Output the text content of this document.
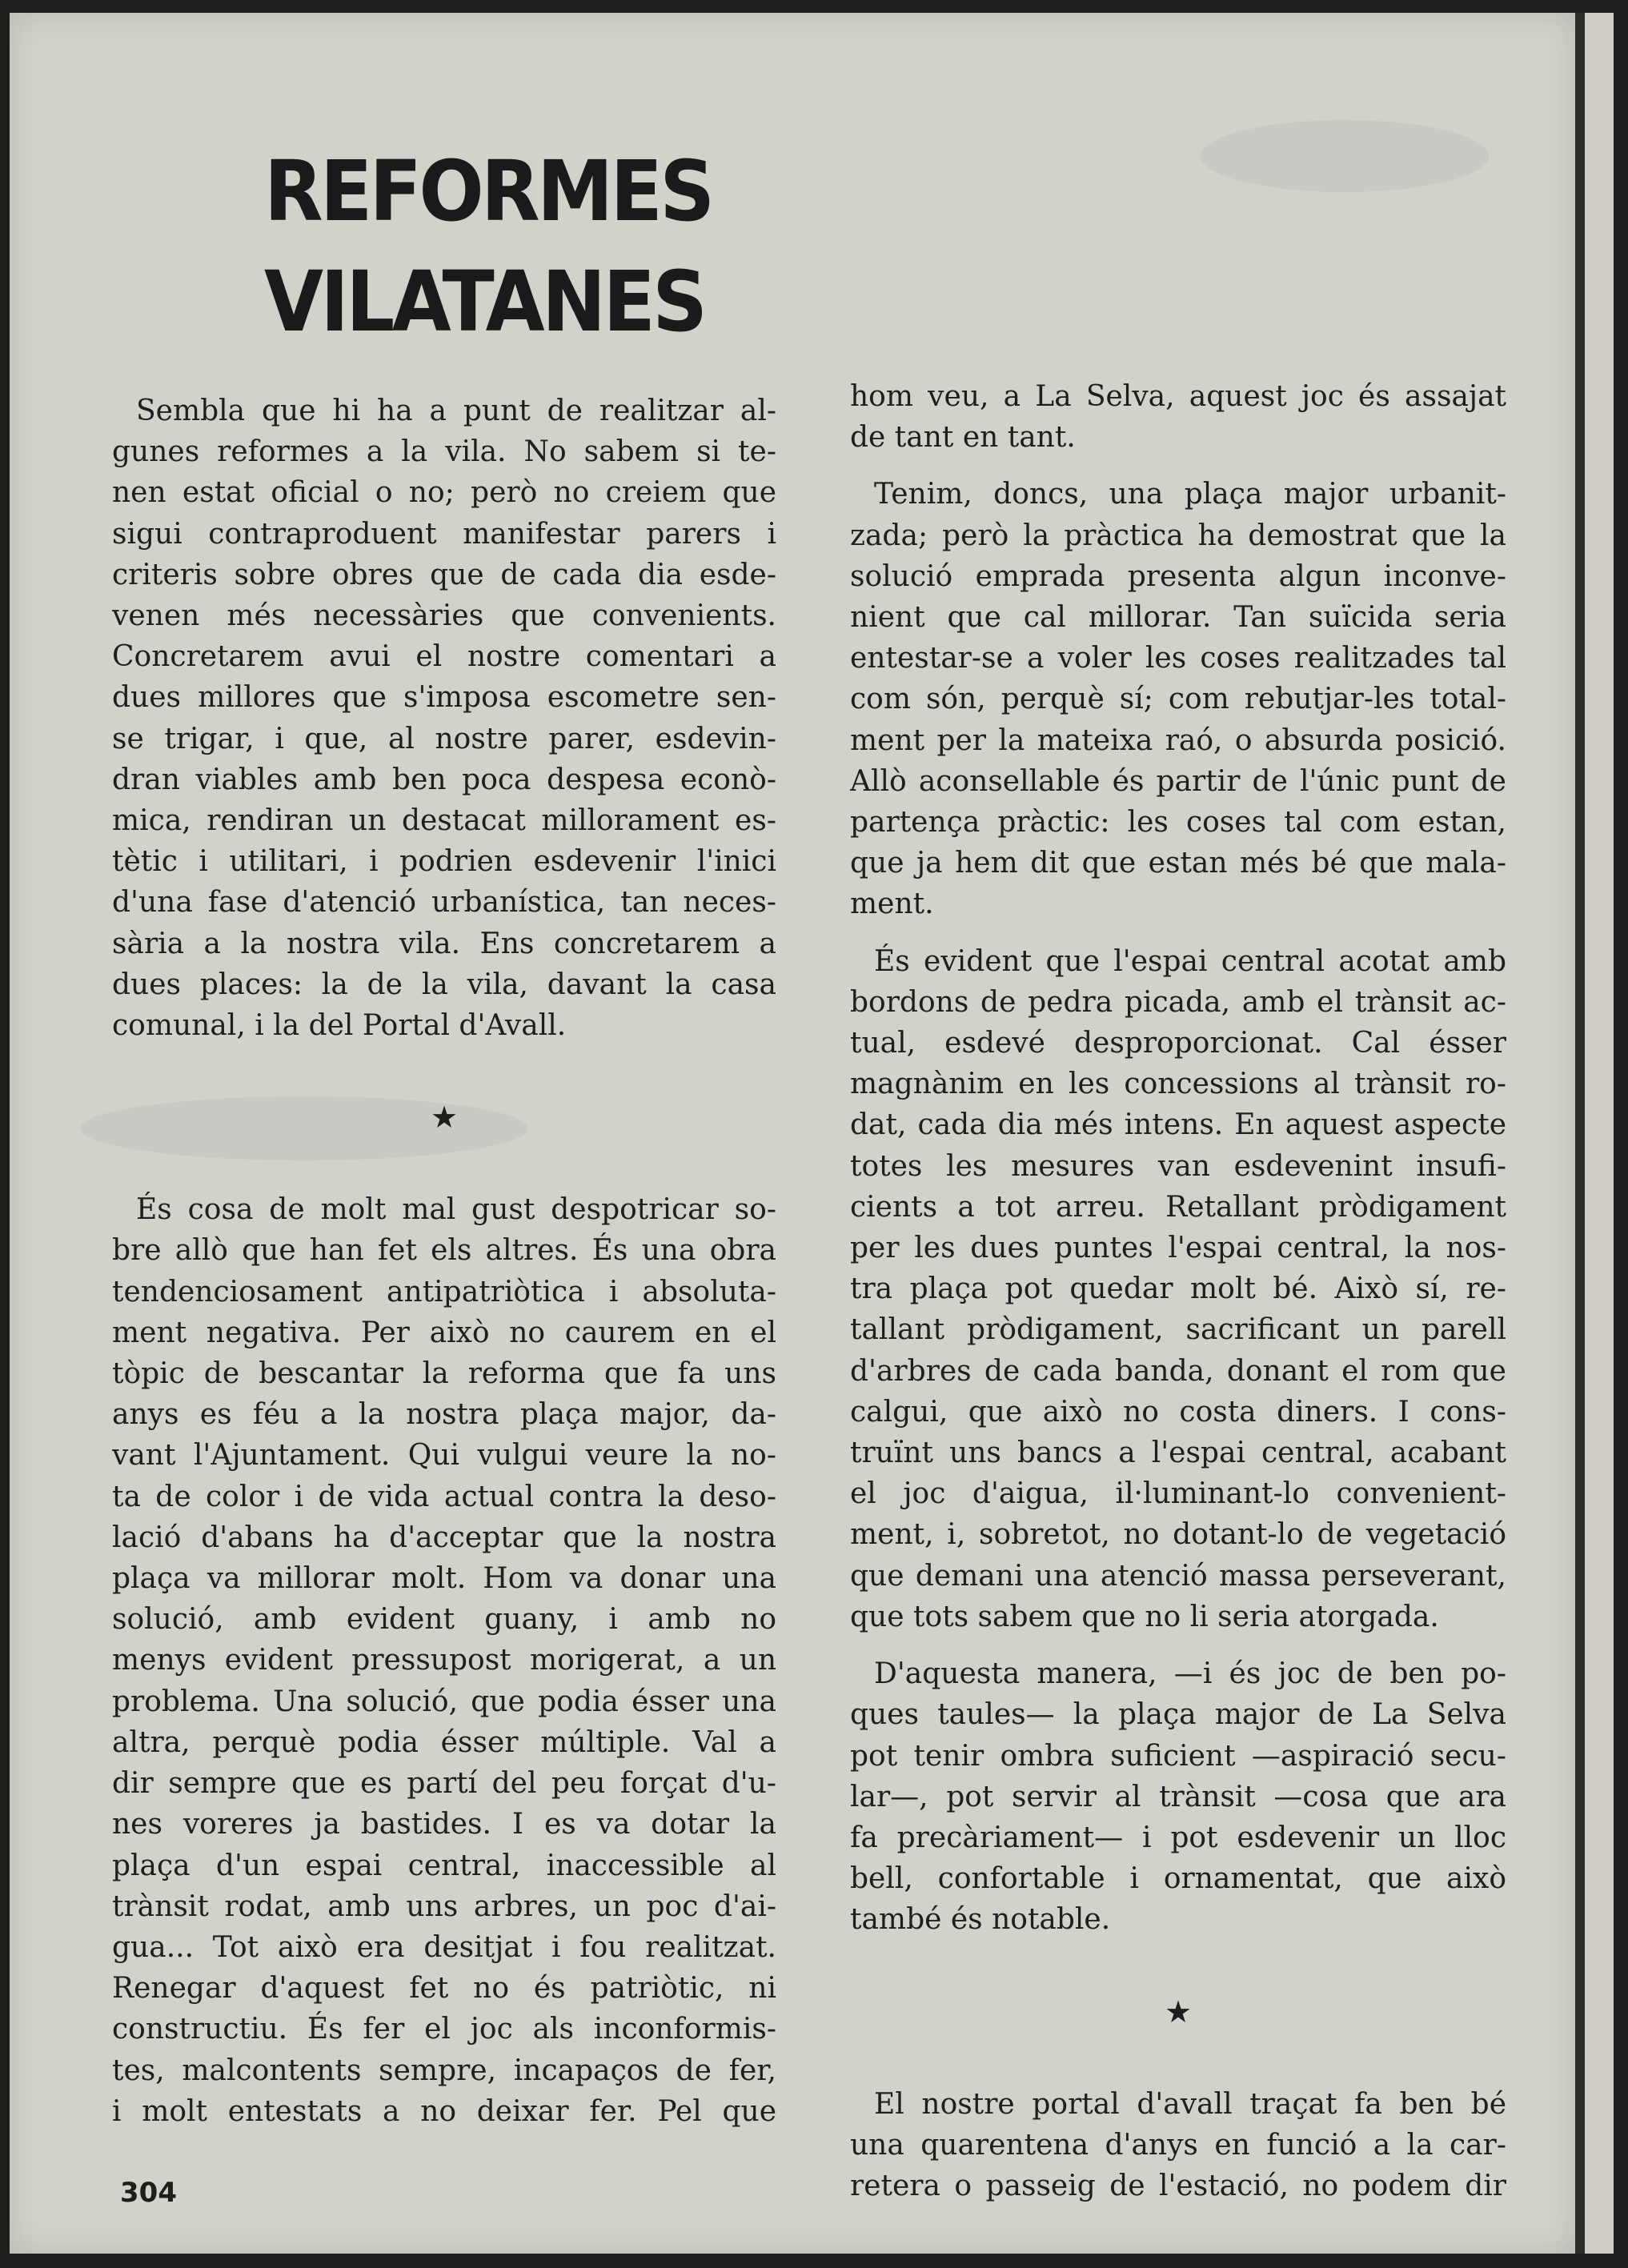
REFORMES
VILATANES
Sembla que hi ha a punt de realitzar al-
gunes reformes a la vila. No sabem si te-
nen estat oficial o no; però no creiem que
sigui contraproduent manifestar parers i
criteris sobre obres que de cada dia esde-
venen més necessàries que convenients.
Concretarem avui el nostre comentari a
dues millores que s'imposa escometre sen-
se trigar, i que, al nostre parer, esdevin-
dran viables amb ben poca despesa econò-
mica, rendiran un destacat millorament es-
tètic i utilitari, i podrien esdevenir l'inici
d'una fase d'atenció urbanística, tan neces-
sària a la nostra vila. Ens concretarem a
dues places: la de la vila, davant la casa
comunal, i la del Portal d'Avall.
★
És cosa de molt mal gust despotricar so-
bre allò que han fet els altres. És una obra
tendenciosament antipatriòtica i absoluta-
ment negativa. Per això no caurem en el
tòpic de bescantar la reforma que fa uns
anys es féu a la nostra plaça major, da-
vant l'Ajuntament. Qui vulgui veure la no-
ta de color i de vida actual contra la deso-
lació d'abans ha d'acceptar que la nostra
plaça va millorar molt. Hom va donar una
solució, amb evident guany, i amb no
menys evident pressupost morigerat, a un
problema. Una solució, que podia ésser una
altra, perquè podia ésser múltiple. Val a
dir sempre que es partí del peu forçat d'u-
nes voreres ja bastides. I es va dotar la
plaça d'un espai central, inaccessible al
trànsit rodat, amb uns arbres, un poc d'ai-
gua... Tot això era desitjat i fou realitzat.
Renegar d'aquest fet no és patriòtic, ni
constructiu. És fer el joc als inconformis-
tes, malcontents sempre, incapaços de fer,
i molt entestats a no deixar fer. Pel que
hom veu, a La Selva, aquest joc és assajat
de tant en tant.
Tenim, doncs, una plaça major urbanit-
zada; però la pràctica ha demostrat que la
solució emprada presenta algun inconve-
nient que cal millorar. Tan suïcida seria
entestar-se a voler les coses realitzades tal
com són, perquè sí; com rebutjar-les total-
ment per la mateixa raó, o absurda posició.
Allò aconsellable és partir de l'únic punt de
partença pràctic: les coses tal com estan,
que ja hem dit que estan més bé que mala-
ment.
És evident que l'espai central acotat amb
bordons de pedra picada, amb el trànsit ac-
tual, esdevé desproporcionat. Cal ésser
magnànim en les concessions al trànsit ro-
dat, cada dia més intens. En aquest aspecte
totes les mesures van esdevenint insufi-
cients a tot arreu. Retallant pròdigament
per les dues puntes l'espai central, la nos-
tra plaça pot quedar molt bé. Això sí, re-
tallant pròdigament, sacrificant un parell
d'arbres de cada banda, donant el rom que
calgui, que això no costa diners. I cons-
truïnt uns bancs a l'espai central, acabant
el joc d'aigua, il·luminant-lo convenient-
ment, i, sobretot, no dotant-lo de vegetació
que demani una atenció massa perseverant,
que tots sabem que no li seria atorgada.
D'aquesta manera, —i és joc de ben po-
ques taules— la plaça major de La Selva
pot tenir ombra suficient —aspiració secu-
lar—, pot servir al trànsit —cosa que ara
fa precàriament— i pot esdevenir un lloc
bell, confortable i ornamentat, que això
també és notable.
★
El nostre portal d'avall traçat fa ben bé
una quarentena d'anys en funció a la car-
retera o passeig de l'estació, no podem dir
304
